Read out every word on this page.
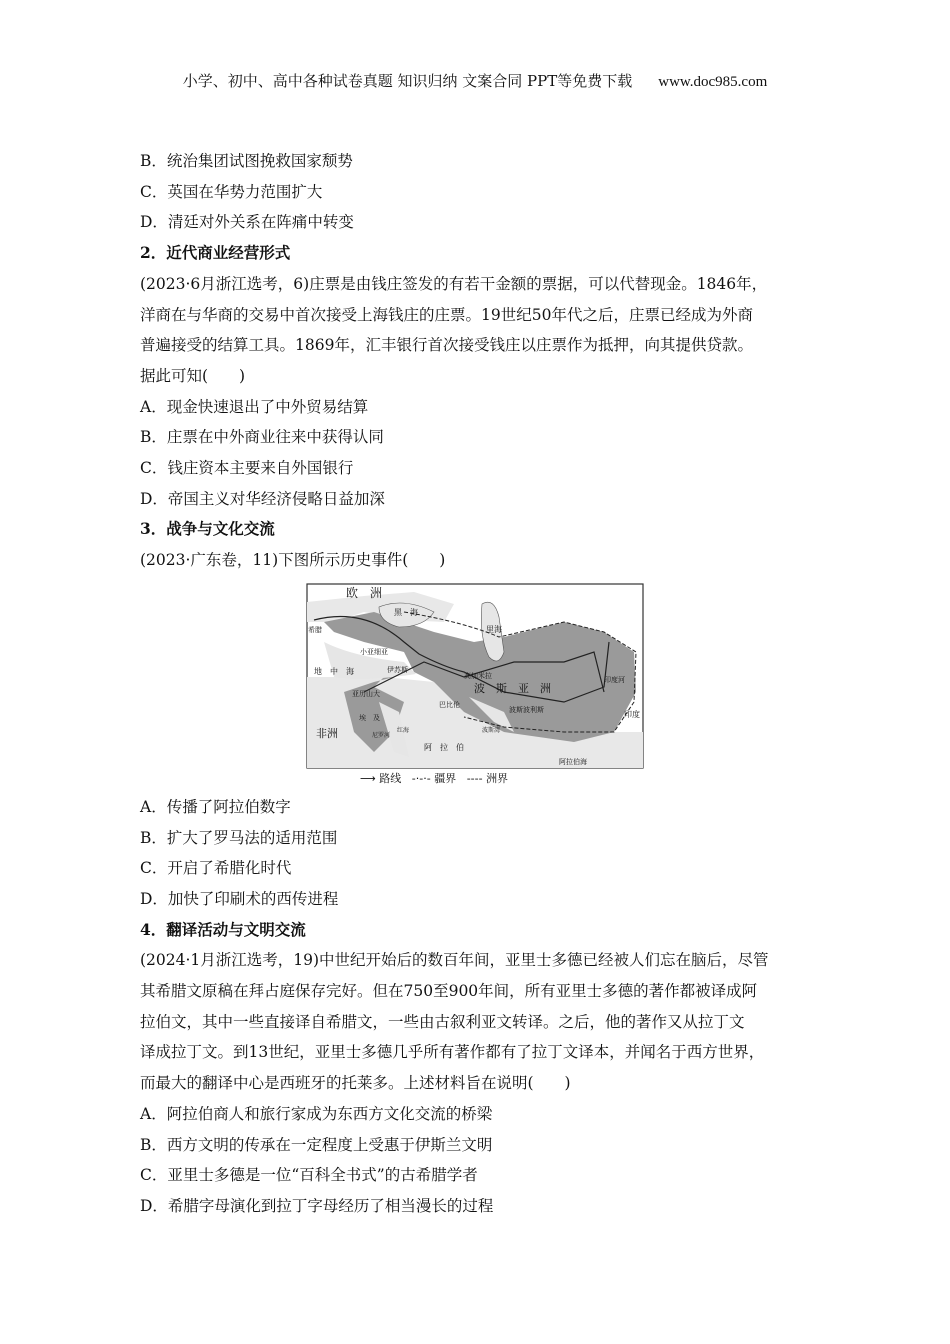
小学、初中、高中各种试卷真题 知识归纳 文案合同 PPT等免费下载 www.doc985.com

B．统治集团试图挽救国家颓势

C．英国在华势力范围扩大

D．清廷对外关系在阵痛中转变

2．近代商业经营形式

(2023·6月浙江选考，6)庄票是由钱庄签发的有若干金额的票据，可以代替现金。1846年，

洋商在与华商的交易中首次接受上海钱庄的庄票。19世纪50年代之后，庄票已经成为外商

普遍接受的结算工具。1869年，汇丰银行首次接受钱庄以庄票作为抵押，向其提供贷款。

据此可知(　　)

A．现金快速退出了中外贸易结算

B．庄票在中外商业往来中获得认同

C．钱庄资本主要来自外国银行

D．帝国主义对华经济侵略日益加深

3．战争与文化交流

(2023·广东卷，11)下图所示历史事件(　　)

欧　洲
黑　海
里海
希腊
小亚细亚
伊苏斯
地　中　海
亚历山大
埃　及
尼罗河
红海
非洲
阿　拉　伯
高加米拉
巴比伦
波斯湾
波斯波利斯
波　斯　亚　洲
印度河
印度
阿拉伯海
⟶ 路线 -·-·- 疆界 ---- 洲界

A．传播了阿拉伯数字

B．扩大了罗马法的适用范围

C．开启了希腊化时代

D．加快了印刷术的西传进程

4．翻译活动与文明交流

(2024·1月浙江选考，19)中世纪开始后的数百年间，亚里士多德已经被人们忘在脑后，尽管

其希腊文原稿在拜占庭保存完好。但在750至900年间，所有亚里士多德的著作都被译成阿

拉伯文，其中一些直接译自希腊文，一些由古叙利亚文转译。之后，他的著作又从拉丁文

译成拉丁文。到13世纪，亚里士多德几乎所有著作都有了拉丁文译本，并闻名于西方世界，

而最大的翻译中心是西班牙的托莱多。上述材料旨在说明(　　)

A．阿拉伯商人和旅行家成为东西方文化交流的桥梁

B．西方文明的传承在一定程度上受惠于伊斯兰文明

C．亚里士多德是一位“百科全书式”的古希腊学者

D．希腊字母演化到拉丁字母经历了相当漫长的过程
